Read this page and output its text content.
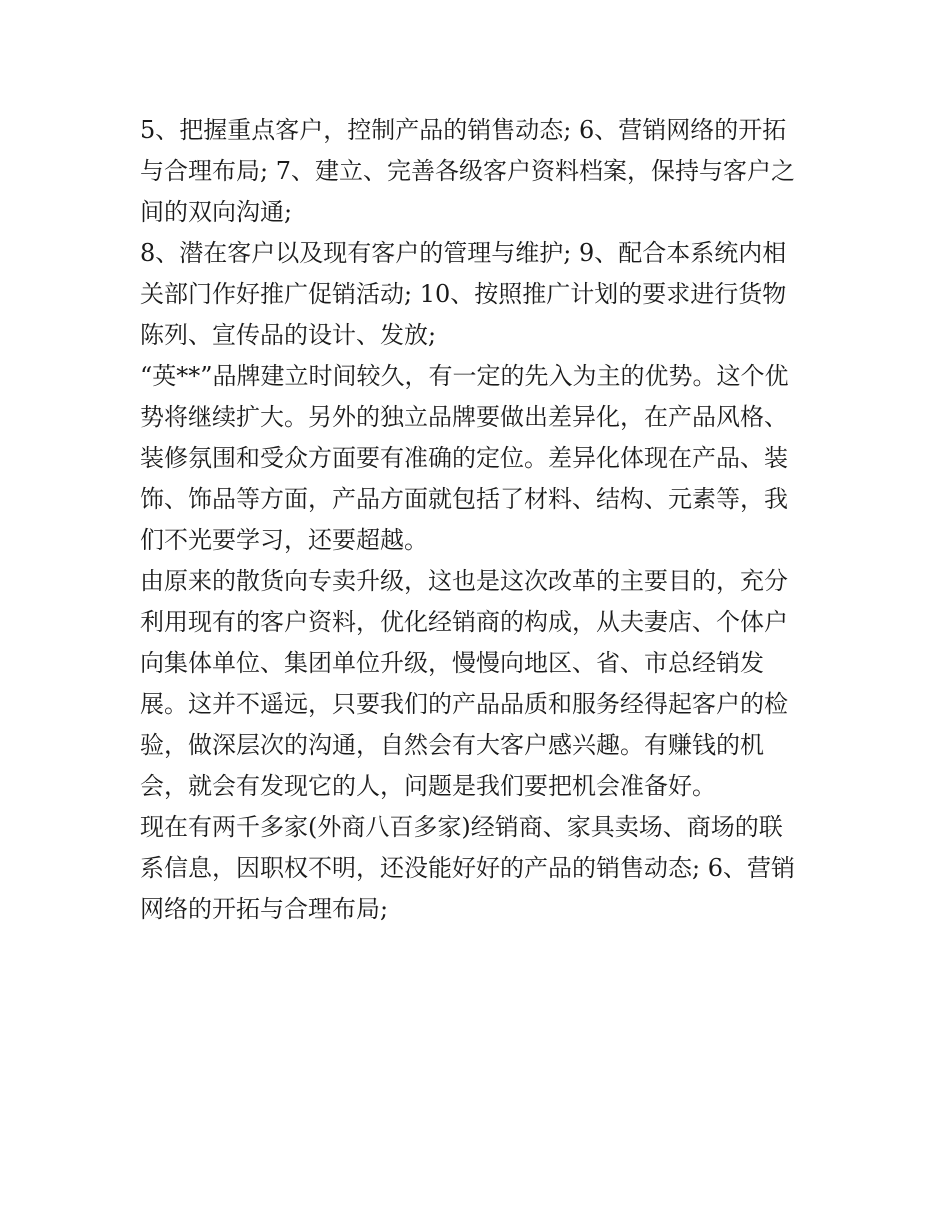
5、把握重点客户，控制产品的销售动态; 6、营销网络的开拓
与合理布局; 7、建立、完善各级客户资料档案，保持与客户之
间的双向沟通;
8、潜在客户以及现有客户的管理与维护; 9、配合本系统内相
关部门作好推广促销活动; 10、按照推广计划的要求进行货物
陈列、宣传品的设计、发放;
“英**”品牌建立时间较久，有一定的先入为主的优势。这个优
势将继续扩大。另外的独立品牌要做出差异化，在产品风格、
装修氛围和受众方面要有准确的定位。差异化体现在产品、装
饰、饰品等方面，产品方面就包括了材料、结构、元素等，我
们不光要学习，还要超越。
由原来的散货向专卖升级，这也是这次改革的主要目的，充分
利用现有的客户资料，优化经销商的构成，从夫妻店、个体户
向集体单位、集团单位升级，慢慢向地区、省、市总经销发
展。这并不遥远，只要我们的产品品质和服务经得起客户的检
验，做深层次的沟通，自然会有大客户感兴趣。有赚钱的机
会，就会有发现它的人，问题是我们要把机会准备好。
现在有两千多家(外商八百多家)经销商、家具卖场、商场的联
系信息，因职权不明，还没能好好的产品的销售动态; 6、营销
网络的开拓与合理布局;
